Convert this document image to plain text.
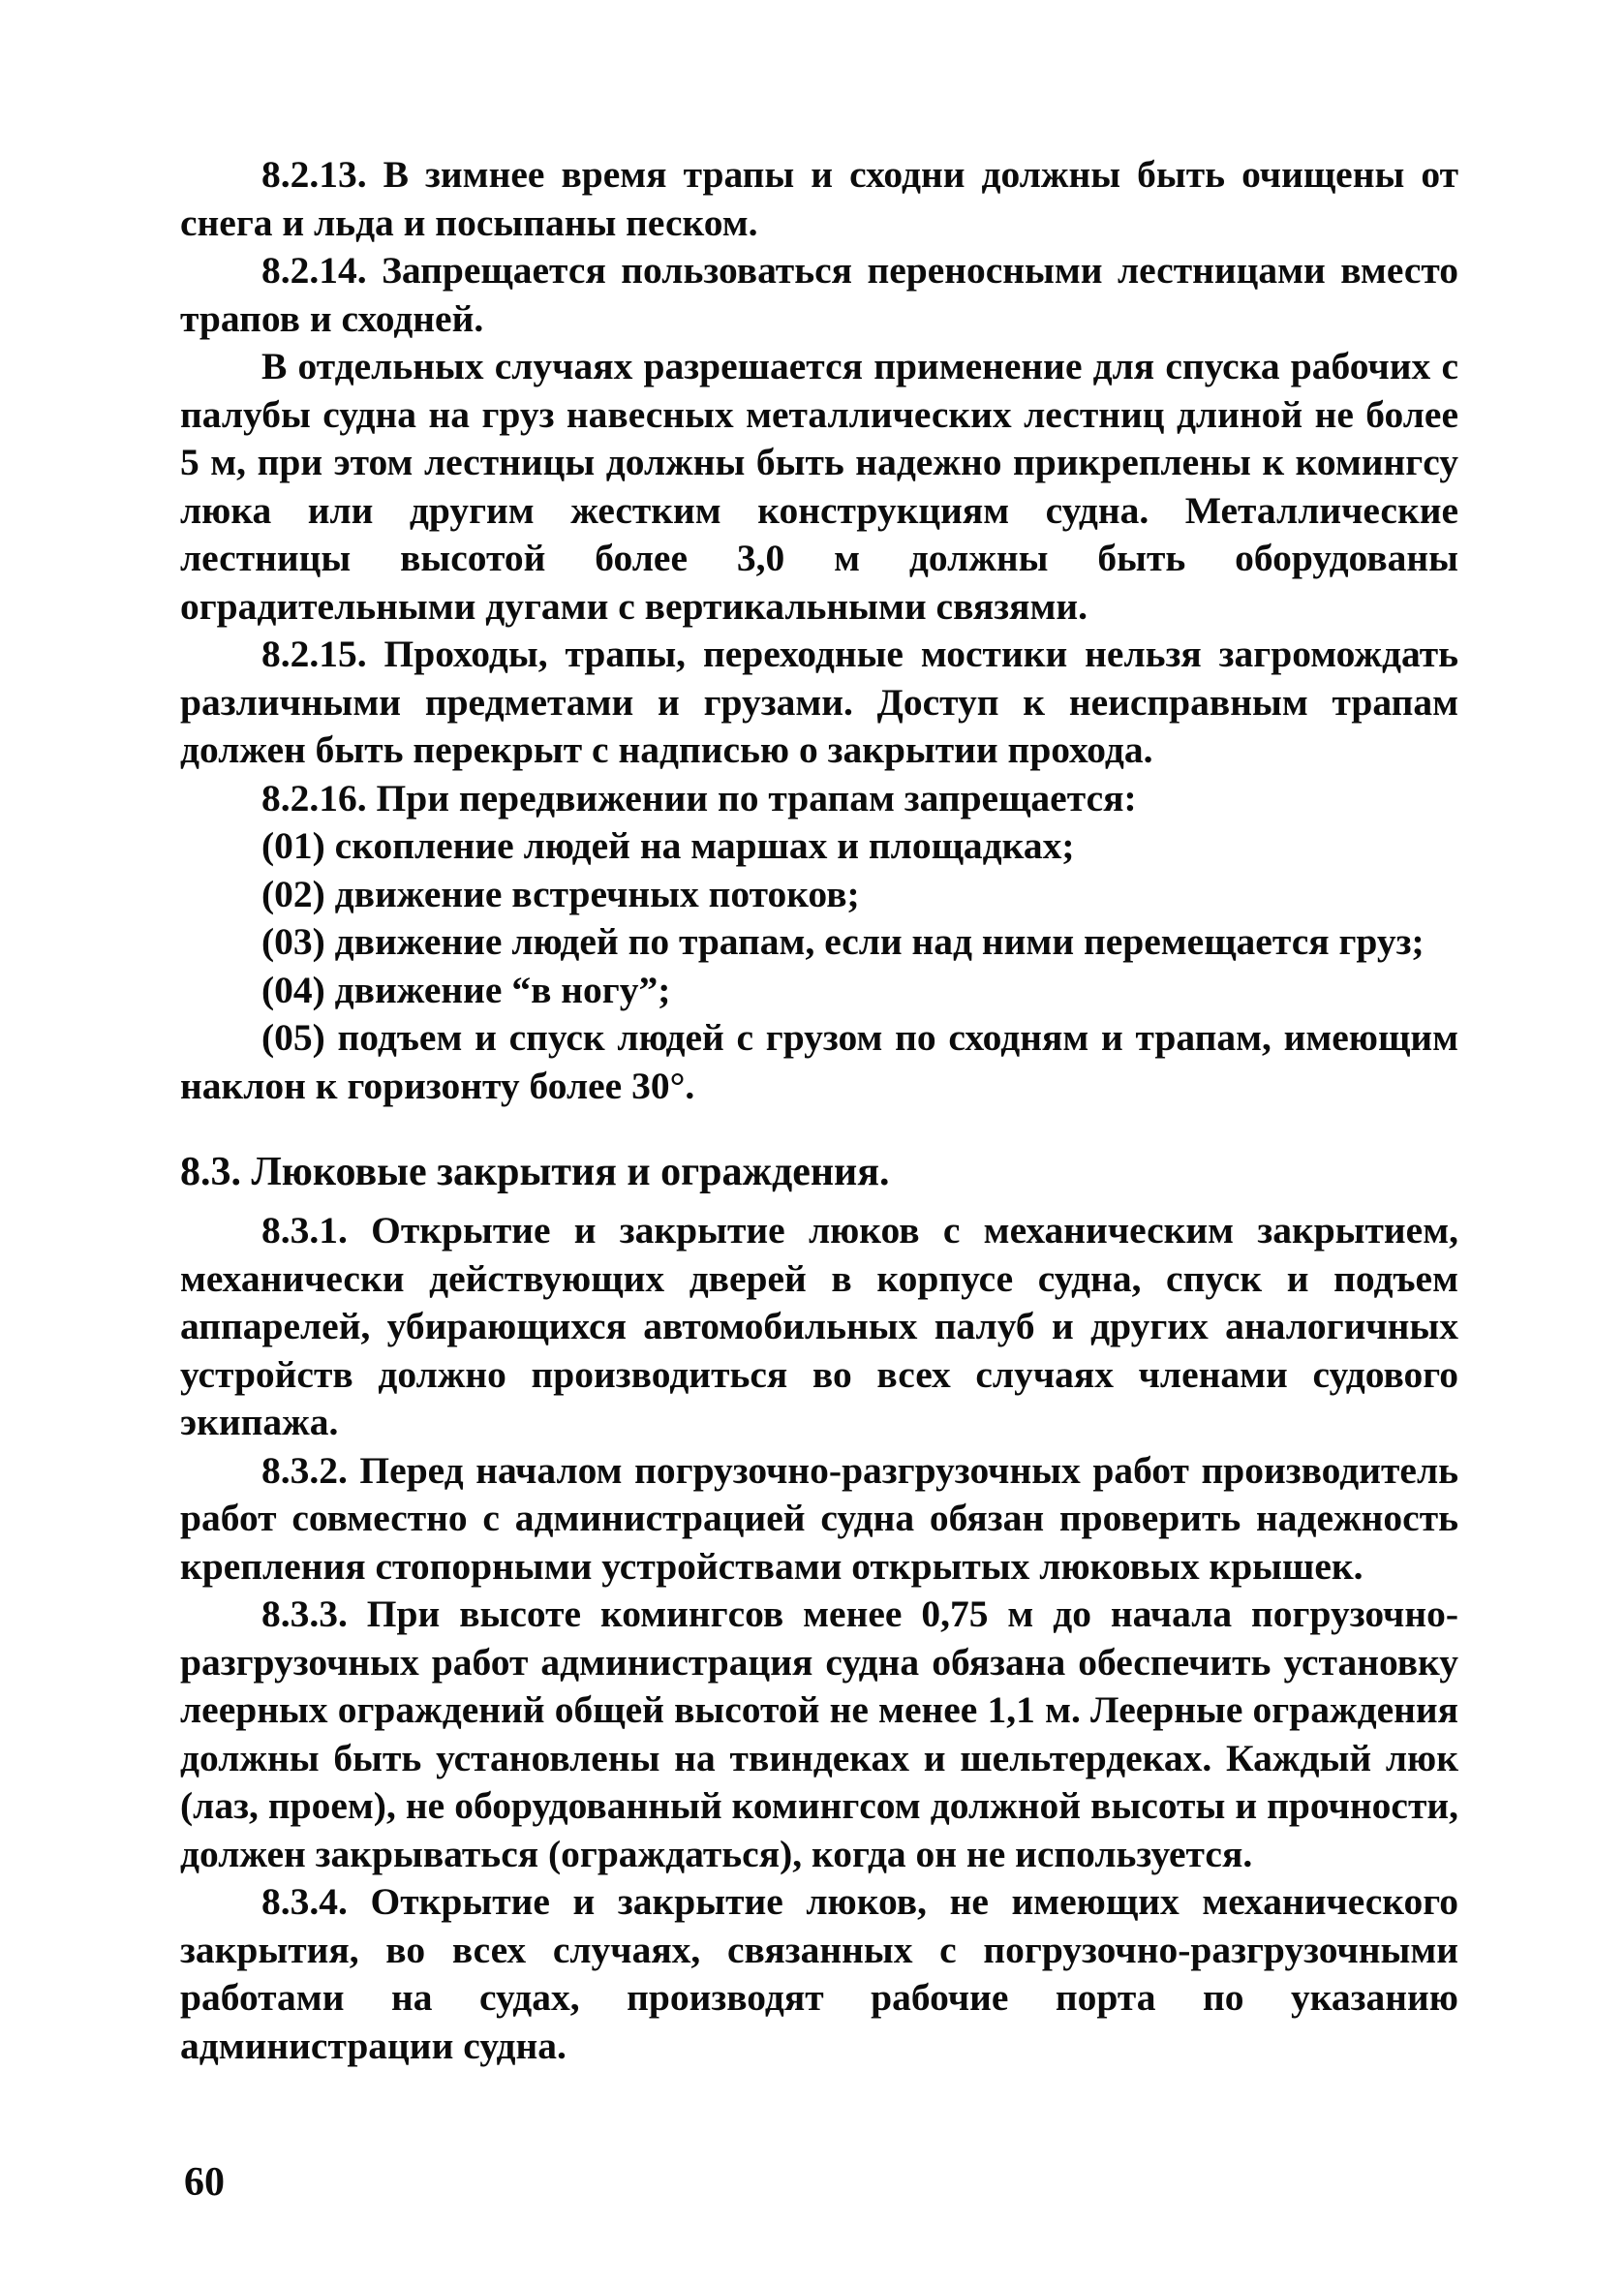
8.2.13. В зимнее время трапы и сходни должны быть очищены от снега и льда и посыпаны песком.

8.2.14. Запрещается пользоваться переносными лестницами вместо трапов и сходней.

В отдельных случаях разрешается применение для спуска рабочих с палубы судна на груз навесных металлических лестниц длиной не более 5 м, при этом лестницы должны быть надежно прикреплены к комингсу люка или другим жестким конструкциям судна. Металлические лестницы высотой более 3,0 м должны быть оборудованы оградительными дугами с вертикальными связями.

8.2.15. Проходы, трапы, переходные мостики нельзя загромождать различными предметами и грузами. Доступ к неисправным трапам должен быть перекрыт с надписью о закрытии прохода.

8.2.16. При передвижении по трапам запрещается:

(01) скопление людей на маршах и площадках;

(02) движение встречных потоков;

(03) движение людей по трапам, если над ними перемещается груз;

(04) движение “в ногу”;

(05) подъем и спуск людей с грузом по сходням и трапам, имеющим наклон к горизонту более 30°.

8.3. Люковые закрытия и ограждения.

8.3.1. Открытие и закрытие люков с механическим закрытием, механически действующих дверей в корпусе судна, спуск и подъем аппарелей, убирающихся автомобильных палуб и других аналогичных устройств должно производиться во всех случаях членами судового экипажа.

8.3.2. Перед началом погрузочно-разгрузочных работ производитель работ совместно с администрацией судна обязан проверить надежность крепления стопорными устройствами открытых люковых крышек.

8.3.3. При высоте комингсов менее 0,75 м до начала погрузочно-разгрузочных работ администрация судна обязана обеспечить установку леерных ограждений общей высотой не менее 1,1 м. Леерные ограждения должны быть установлены на твиндеках и шельтердеках. Каждый люк (лаз, проем), не оборудованный комингсом должной высоты и прочности, должен закрываться (ограждаться), когда он не используется.

8.3.4. Открытие и закрытие люков, не имеющих механического закрытия, во всех случаях, связанных с погрузочно-разгрузочными работами на судах, производят рабочие порта по указанию администрации судна.

60
